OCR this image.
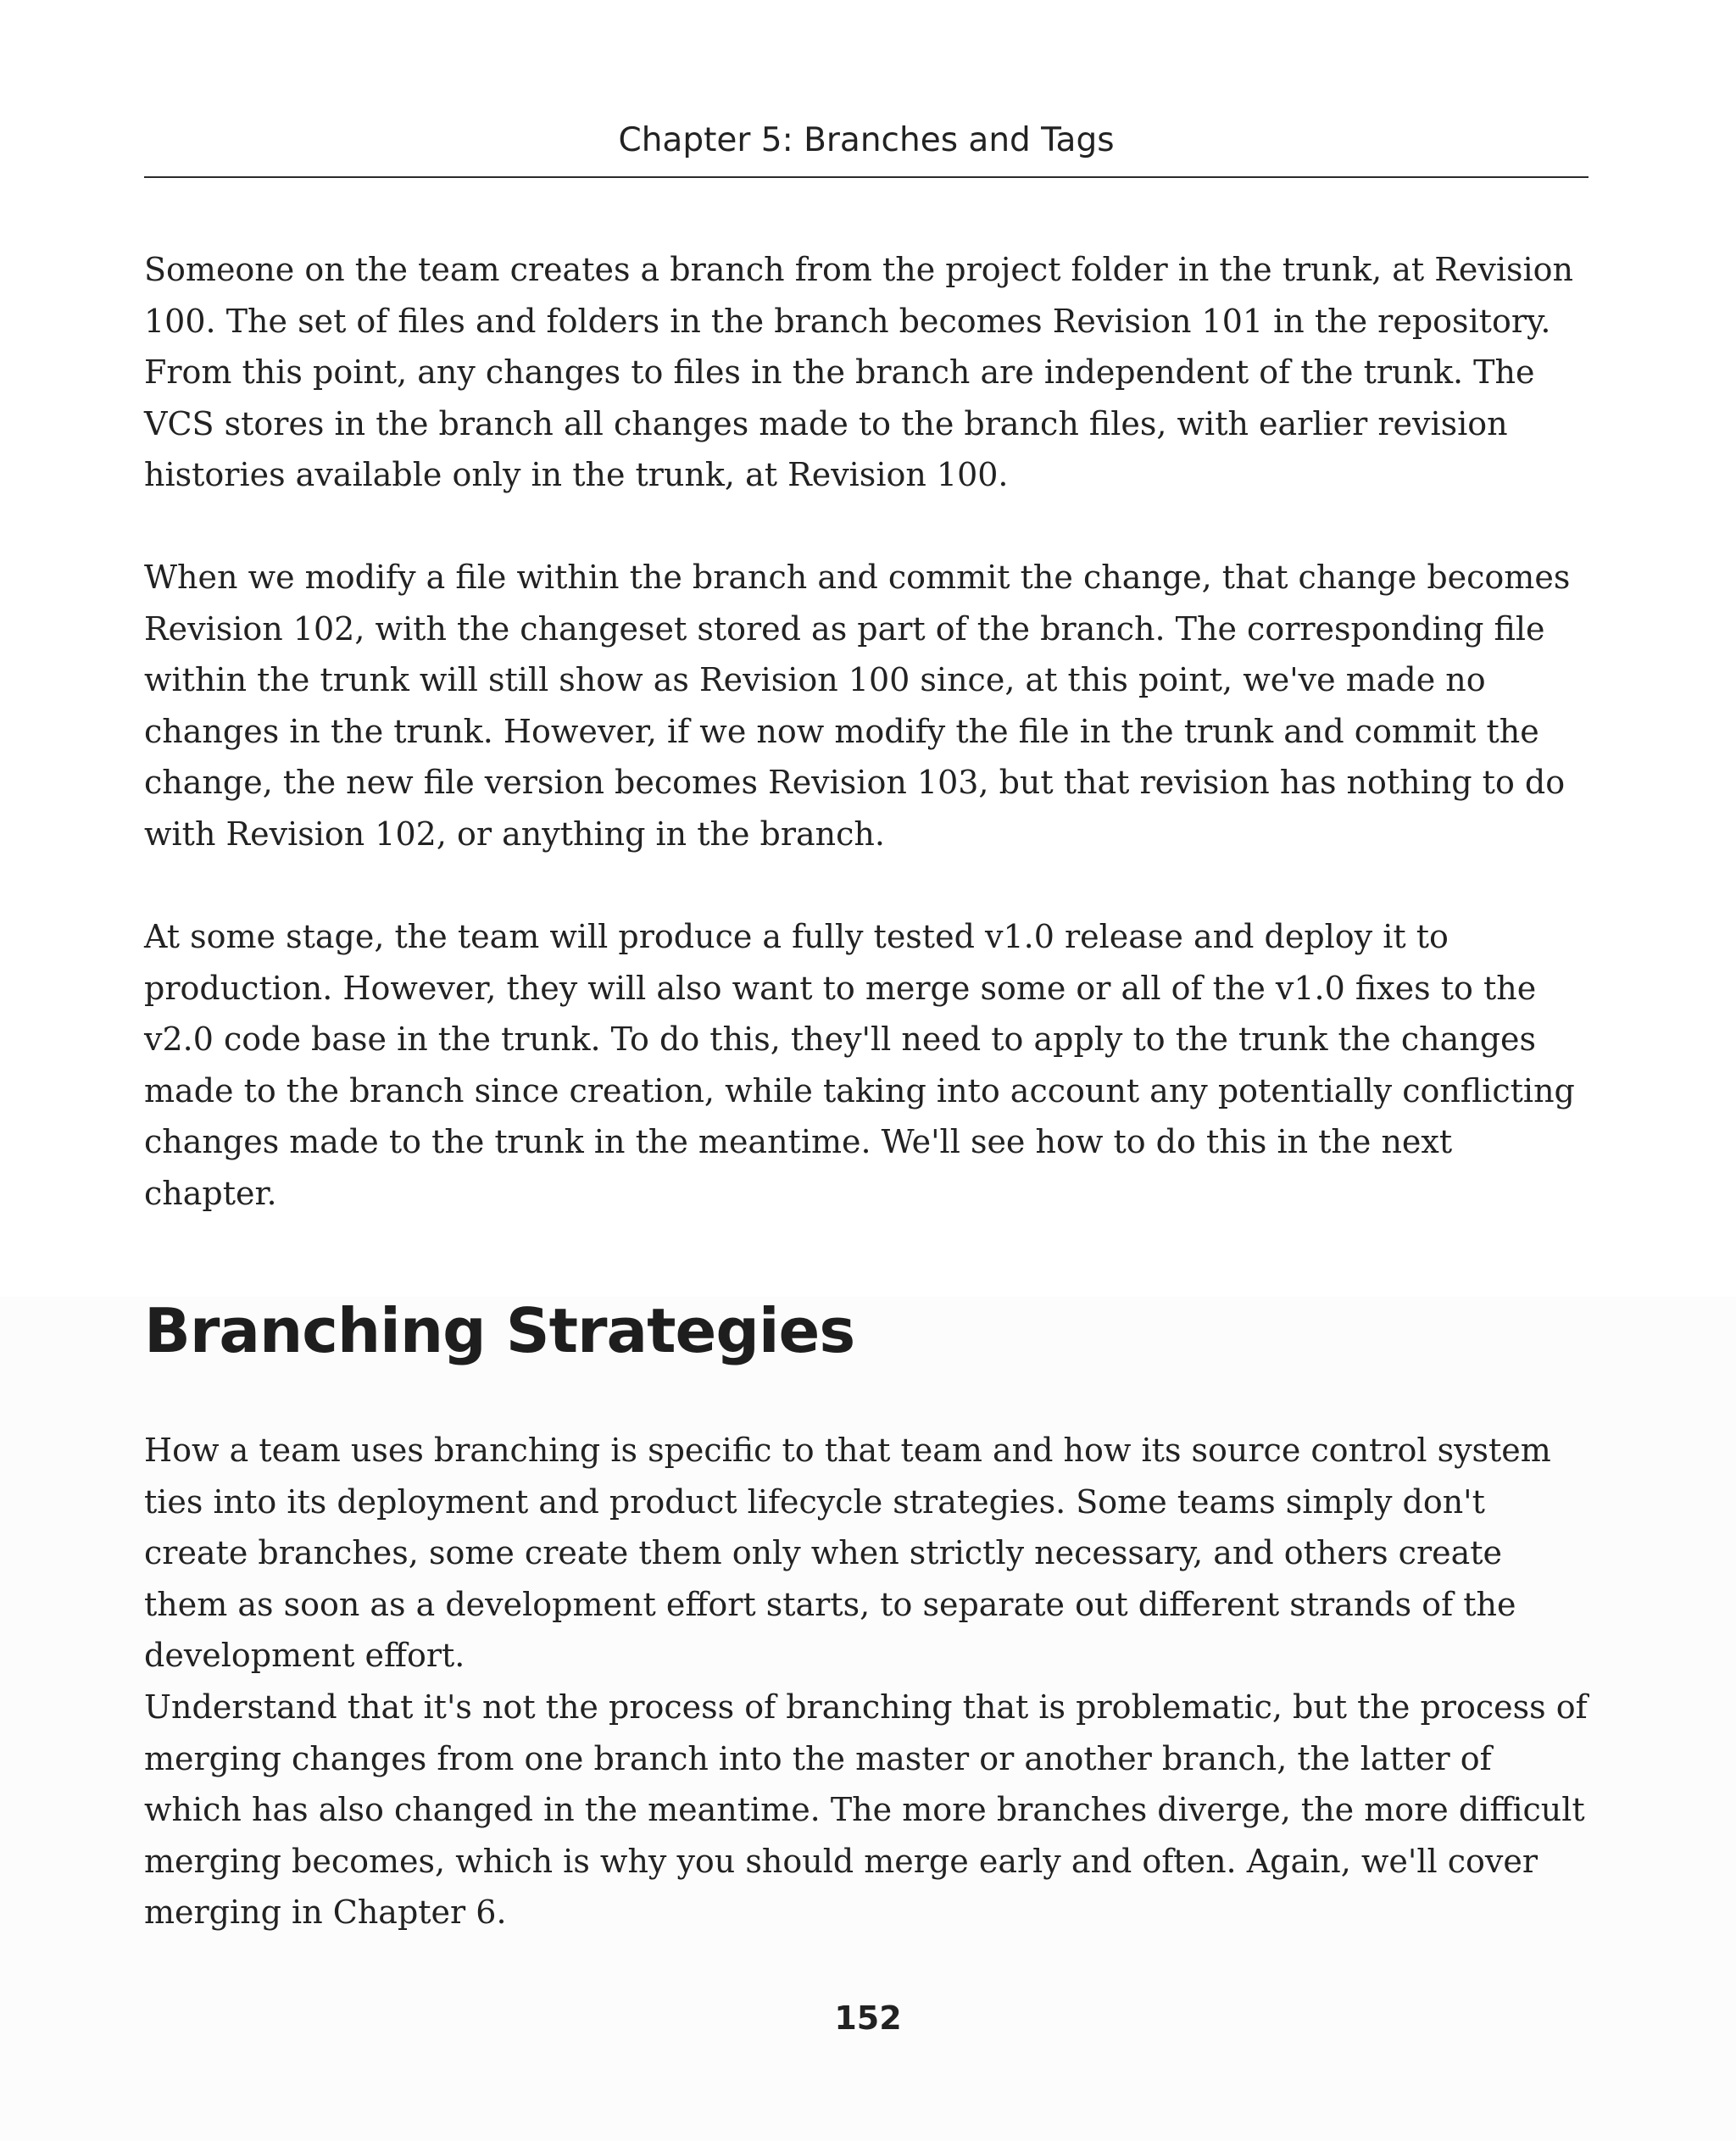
Chapter 5: Branches and Tags

Someone on the team creates a branch from the project folder in the trunk, at Revision 100. The set of files and folders in the branch becomes Revision 101 in the repository. From this point, any changes to files in the branch are independent of the trunk. The VCS stores in the branch all changes made to the branch files, with earlier revision histories available only in the trunk, at Revision 100.

When we modify a file within the branch and commit the change, that change becomes Revision 102, with the changeset stored as part of the branch. The corresponding file within the trunk will still show as Revision 100 since, at this point, we've made no changes in the trunk. However, if we now modify the file in the trunk and commit the change, the new file version becomes Revision 103, but that revision has nothing to do with Revision 102, or anything in the branch.

At some stage, the team will produce a fully tested v1.0 release and deploy it to production. However, they will also want to merge some or all of the v1.0 fixes to the v2.0 code base in the trunk. To do this, they'll need to apply to the trunk the changes made to the branch since creation, while taking into account any potentially conflicting changes made to the trunk in the meantime. We'll see how to do this in the next chapter.

Branching Strategies

How a team uses branching is specific to that team and how its source control system ties into its deployment and product lifecycle strategies. Some teams simply don't create branches, some create them only when strictly necessary, and others create them as soon as a development effort starts, to separate out different strands of the development effort.

Understand that it's not the process of branching that is problematic, but the process of merging changes from one branch into the master or another branch, the latter of which has also changed in the meantime. The more branches diverge, the more difficult merging becomes, which is why you should merge early and often. Again, we'll cover merging in Chapter 6.

152
